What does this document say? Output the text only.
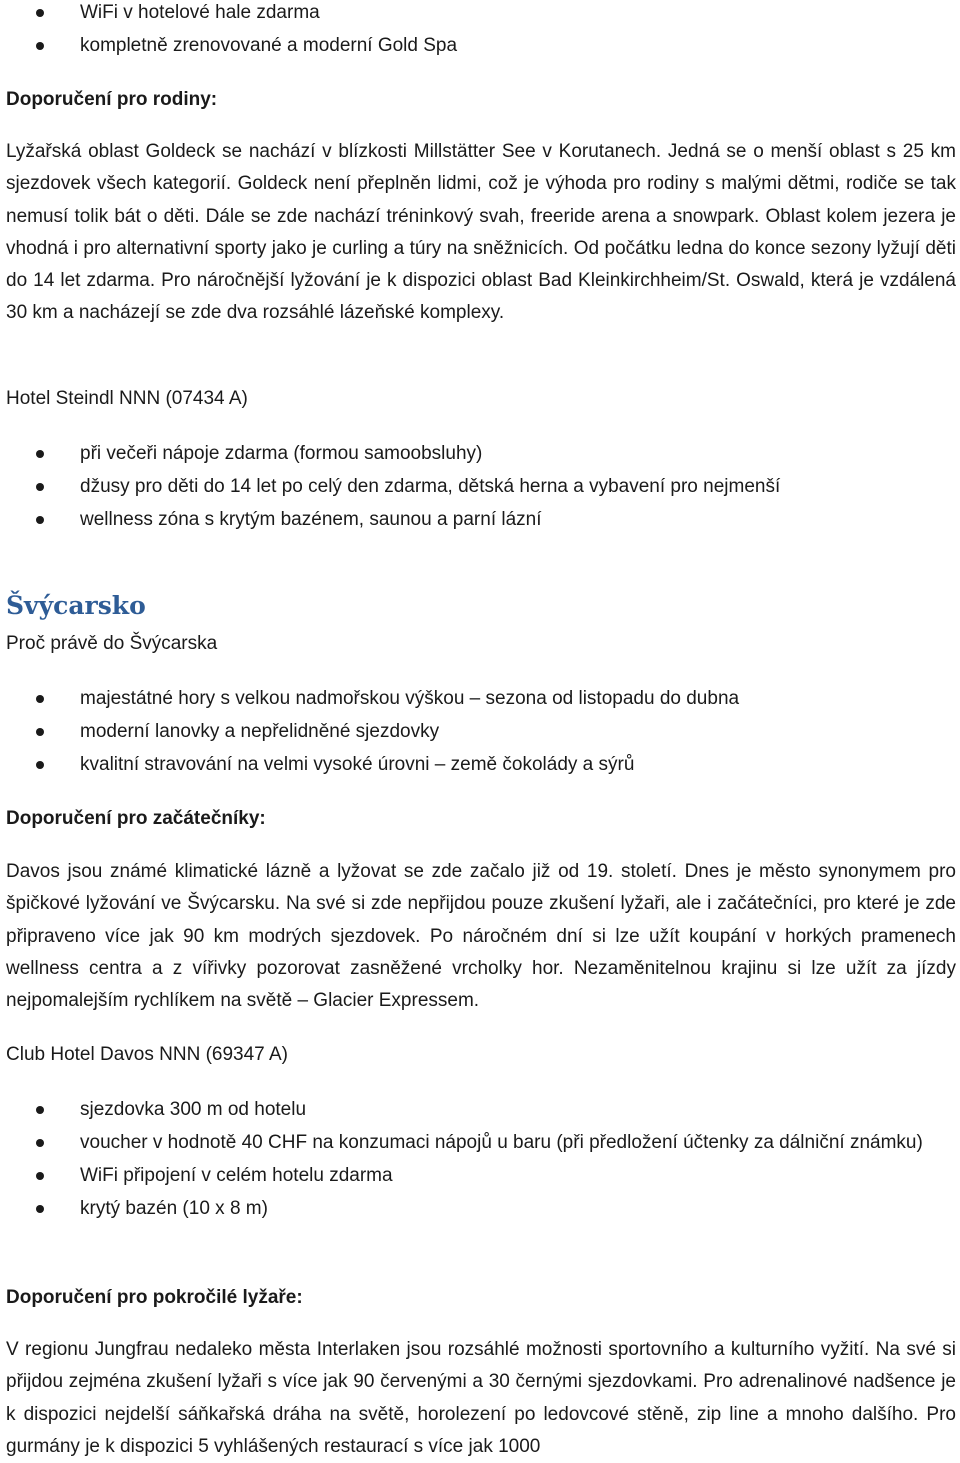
WiFi v hotelové hale zdarma
kompletně zrenovované a moderní Gold Spa
Doporučení pro rodiny:
Lyžařská oblast Goldeck se nachází v blízkosti Millstätter See v Korutanech. Jedná se o menší oblast s 25 km sjezdovek všech kategorií. Goldeck není přeplněn lidmi, což je výhoda pro rodiny s malými dětmi, rodiče se tak nemusí tolik bát o děti. Dále se zde nachází tréninkový svah, freeride arena a snowpark. Oblast kolem jezera je vhodná i pro alternativní sporty jako je curling a túry na sněžnicích. Od počátku ledna do konce sezony lyžují děti do 14 let zdarma. Pro náročnější lyžování je k dispozici oblast Bad Kleinkirchheim/St. Oswald, která je vzdálená 30 km a nacházejí se zde dva rozsáhlé lázeňské komplexy.
Hotel Steindl NNN (07434 A)
při večeři nápoje zdarma (formou samoobsluhy)
džusy pro děti do 14 let po celý den zdarma, dětská herna a vybavení pro nejmenší
wellness zóna s krytým bazénem, saunou a parní lázní
Švýcarsko
Proč právě do Švýcarska
majestátné hory s velkou nadmořskou výškou – sezona od listopadu do dubna
moderní lanovky a nepřelidněné sjezdovky
kvalitní stravování na velmi vysoké úrovni – země čokolády a sýrů
Doporučení pro začátečníky:
Davos jsou známé klimatické lázně a lyžovat se zde začalo již od 19. století. Dnes je město synonymem pro špičkové lyžování ve Švýcarsku. Na své si zde nepřijdou pouze zkušení lyžaři, ale i začátečníci, pro které je zde připraveno více jak 90 km modrých sjezdovek. Po náročném dní si lze užít koupání v horkých pramenech wellness centra a z vířivky pozorovat zasněžené vrcholky hor. Nezaměnitelnou krajinu si lze užít za jízdy nejpomalejším rychlíkem na světě – Glacier Expressem.
Club Hotel Davos NNN (69347 A)
sjezdovka 300 m od hotelu
voucher v hodnotě 40 CHF na konzumaci nápojů u baru (při předložení účtenky za dálniční známku)
WiFi připojení v celém hotelu zdarma
krytý bazén (10 x 8 m)
Doporučení pro pokročilé lyžaře:
V regionu Jungfrau nedaleko města Interlaken jsou rozsáhlé možnosti sportovního a kulturního vyžití. Na své si přijdou zejména zkušení lyžaři s více jak 90 červenými a 30 černými sjezdovkami. Pro adrenalinové nadšence je k dispozici nejdelší sáňkařská dráha na světě, horolezení po ledovcové stěně, zip line a mnoho dalšího. Pro gurmány je k dispozici 5 vyhlášených restaurací s více jak 1000
